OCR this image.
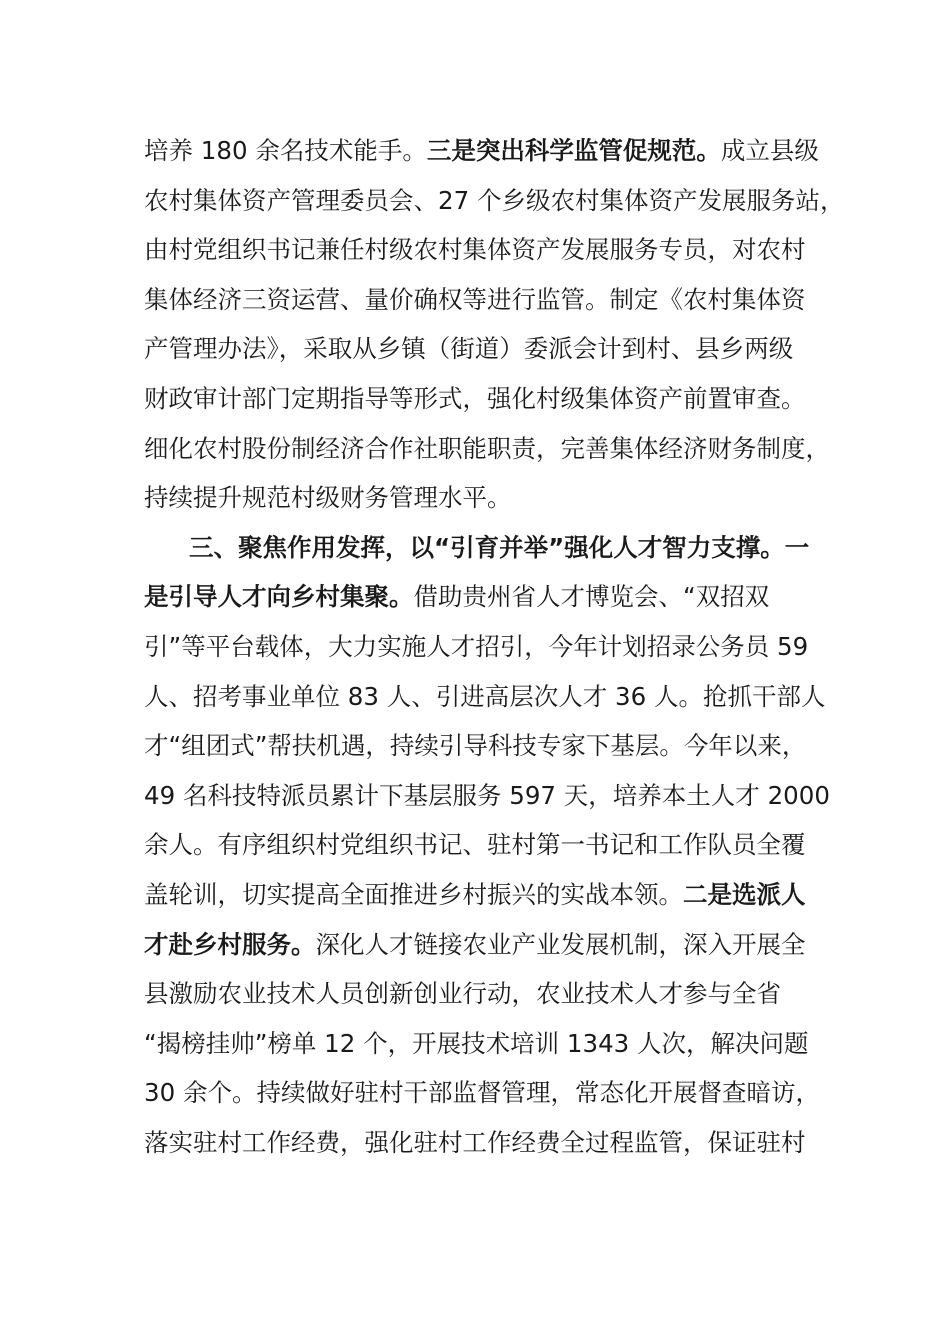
培养 180 余名技术能手。三是突出科学监管促规范。成立县级
农村集体资产管理委员会、27 个乡级农村集体资产发展服务站，
由村党组织书记兼任村级农村集体资产发展服务专员，对农村
集体经济三资运营、量价确权等进行监管。制定《农村集体资
产管理办法》，采取从乡镇（街道）委派会计到村、县乡两级
财政审计部门定期指导等形式，强化村级集体资产前置审查。
细化农村股份制经济合作社职能职责，完善集体经济财务制度，
持续提升规范村级财务管理水平。
三、聚焦作用发挥，以“引育并举”强化人才智力支撑。一
是引导人才向乡村集聚。借助贵州省人才博览会、“双招双
引”等平台载体，大力实施人才招引，今年计划招录公务员 59
人、招考事业单位 83 人、引进高层次人才 36 人。抢抓干部人
才“组团式”帮扶机遇，持续引导科技专家下基层。今年以来，
49 名科技特派员累计下基层服务 597 天，培养本土人才 2000
余人。有序组织村党组织书记、驻村第一书记和工作队员全覆
盖轮训，切实提高全面推进乡村振兴的实战本领。二是选派人
才赴乡村服务。深化人才链接农业产业发展机制，深入开展全
县激励农业技术人员创新创业行动，农业技术人才参与全省
“揭榜挂帅”榜单 12 个，开展技术培训 1343 人次，解决问题
30 余个。持续做好驻村干部监督管理，常态化开展督查暗访，
落实驻村工作经费，强化驻村工作经费全过程监管，保证驻村
